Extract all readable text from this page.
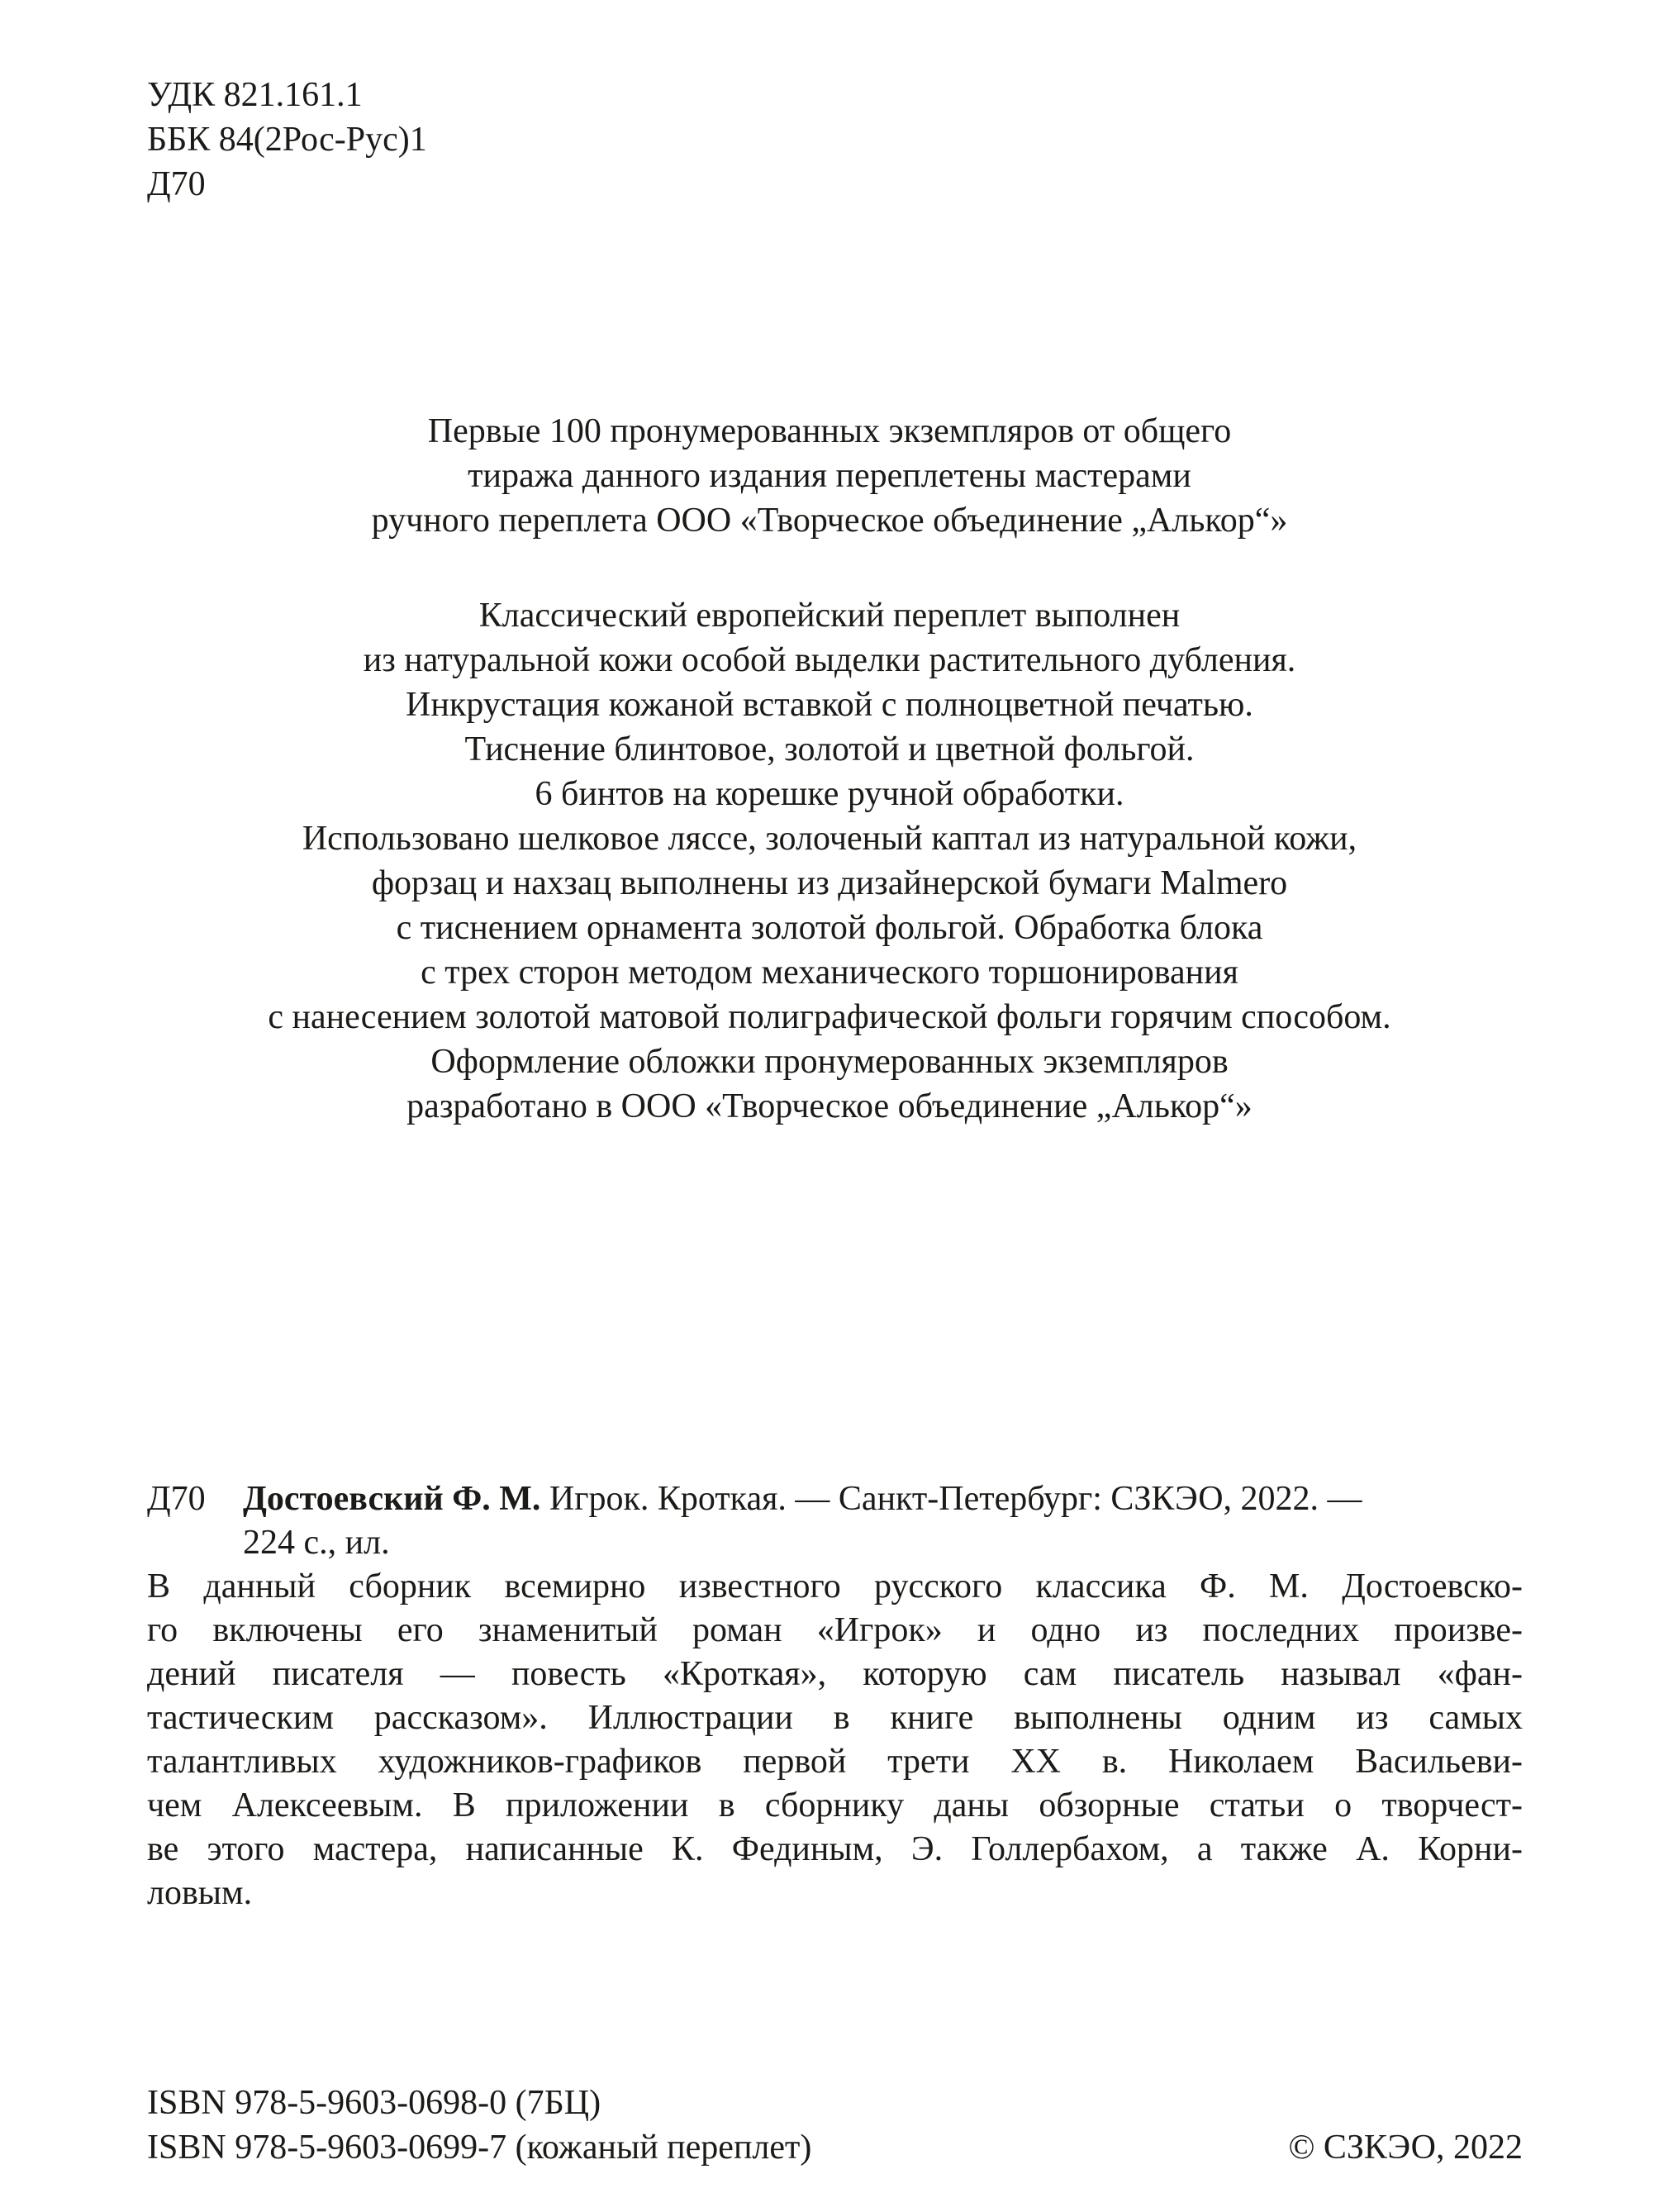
УДК 821.161.1
ББК 84(2Рос-Рус)1
Д70
Первые 100 пронумерованных экземпляров от общего
тиража данного издания переплетены мастерами
ручного переплета ООО «Творческое объединение „Алькор“»
Классический европейский переплет выполнен
из натуральной кожи особой выделки растительного дубления.
Инкрустация кожаной вставкой с полноцветной печатью.
Тиснение блинтовое, золотой и цветной фольгой.
6 бинтов на корешке ручной обработки.
Использовано шелковое ляссе, золоченый каптал из натуральной кожи,
форзац и нахзац выполнены из дизайнерской бумаги Malmero
с тиснением орнамента золотой фольгой. Обработка блока
с трех сторон методом механического торшонирования
с нанесением золотой матовой полиграфической фольги горячим способом.
Оформление обложки пронумерованных экземпляров
разработано в ООО «Творческое объединение „Алькор“»
Д70 Достоевский Ф. М. Игрок. Кроткая. — Санкт-Петербург: СЗКЭО, 2022. —
224 с., ил.
В данный сборник всемирно известного русского классика Ф. М. Достоевско-
го включены его знаменитый роман «Игрок» и одно из последних произве-
дений писателя — повесть «Кроткая», которую сам писатель называл «фан-
тастическим рассказом». Иллюстрации в книге выполнены одним из самых
талантливых художников-графиков первой трети XX в. Николаем Васильеви-
чем Алексеевым. В приложении в сборнику даны обзорные статьи о творчест-
ве этого мастера, написанные К. Фединым, Э. Голлербахом, а также А. Корни-
ловым.
ISBN 978-5-9603-0698-0 (7БЦ)
ISBN 978-5-9603-0699-7 (кожаный переплет)	© СЗКЭО, 2022
